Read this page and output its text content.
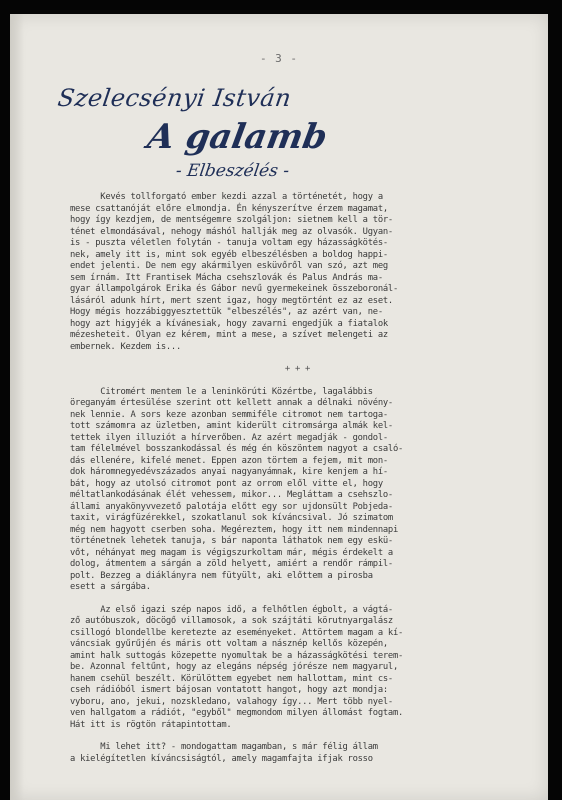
- 3 -
Szelecsényi István
A galamb
- Elbeszélés -
Kevés tollforgató ember kezdi azzal a történetét, hogy a
mese csattanóját előre elmondja. Én kényszerítve érzem magamat,
hogy így kezdjem, de mentségemre szolgáljon: sietnem kell a tör-
ténet elmondásával, nehogy máshól hallják meg az olvasók. Ugyan-
is - puszta véletlen folytán - tanuja voltam egy házasságkötés-
nek, amely itt is, mint sok egyéb elbeszélésben a boldog happi-
endet jelenti. De nem egy akármilyen esküvőről van szó, azt meg
sem írnám. Itt Frantisek Mácha csehszlovák és Palus András ma-
gyar állampolgárok Erika és Gábor nevű gyermekeinek összeboronál-
lásáról adunk hírt, mert szent igaz, hogy megtörtént ez az eset.
Hogy mégis hozzábiggyesztettük "elbeszélés", az azért van, ne-
hogy azt higyjék a kívánesiak, hogy zavarni engedjük a fiatalok
mézesheteit. Olyan ez kérem, mint a mese, a szívet melengeti az
embernek. Kezdem is...
+ + +
Citromért mentem le a leninkörúti Közértbe, lagalábbis
öreganyám értesülése szerint ott kellett annak a délnaki növény-
nek lennie. A sors keze azonban semmiféle citromot nem tartoga-
tott számomra az üzletben, amint kiderült citromsárga almák kel-
tettek ilyen illuziót a hírverőben. Az azért megadják - gondol-
tam félelmével bosszankodással és még én köszöntem nagyot a csaló-
dás ellenére, kifelé menet. Eppen azon törtem a fejem, mit mon-
dok háromnegyedévszázados anyai nagyanyámnak, kire kenjem a hí-
bát, hogy az utolsó citromot pont az orrom elől vitte el, hogy
méltatlankodásának élét vehessem, mikor... Megláttam a csehszlo-
állami anyakönyvvezető palotája előtt egy sor ujdonsült Pobjeda-
taxit, virágfüzérekkel, szokatlanul sok kíváncsival. Jó szimatom
még nem hagyott cserben soha. Megéreztem, hogy itt nem mindennapi
történetnek lehetek tanuja, s bár naponta láthatok nem egy eskü-
vőt, néhányat meg magam is végigszurkoltam már, mégis érdekelt a
dolog, átmentem a sárgán a zöld helyett, amiért a rendőr rámpil-
polt. Bezzeg a diáklányra nem fütyült, aki előttem a pirosba
esett a sárgába.
Az első igazi szép napos idő, a felhőtlen égbolt, a vágtá-
ző autóbuszok, döcögő villamosok, a sok szájtáti körutnyargalász
csillogó blondellbe keretezte az eseményeket. Attörtem magam a kí-
váncsiak gyűrűjén és máris ott voltam a násznép kellős közepén,
amint halk suttogás közepette nyomultak be a házasságkötési terem-
be. Azonnal feltűnt, hogy az elegáns népség jórésze nem magyarul,
hanem csehül beszélt. Körülöttem egyebet nem hallottam, mint cs-
cseh rádióból ismert bájosan vontatott hangot, hogy azt mondja:
vyboru, ano, jekui, nozskledano, valahogy így... Mert több nyel-
ven hallgatom a rádiót, "egyből" megmondom milyen állomást fogtam.
Hát itt is rögtön rátapintottam.
Mi lehet itt? - mondogattam magamban, s már félig állam
a kielégítetlen kíváncsiságtól, amely magamfajta ifjak rosso
